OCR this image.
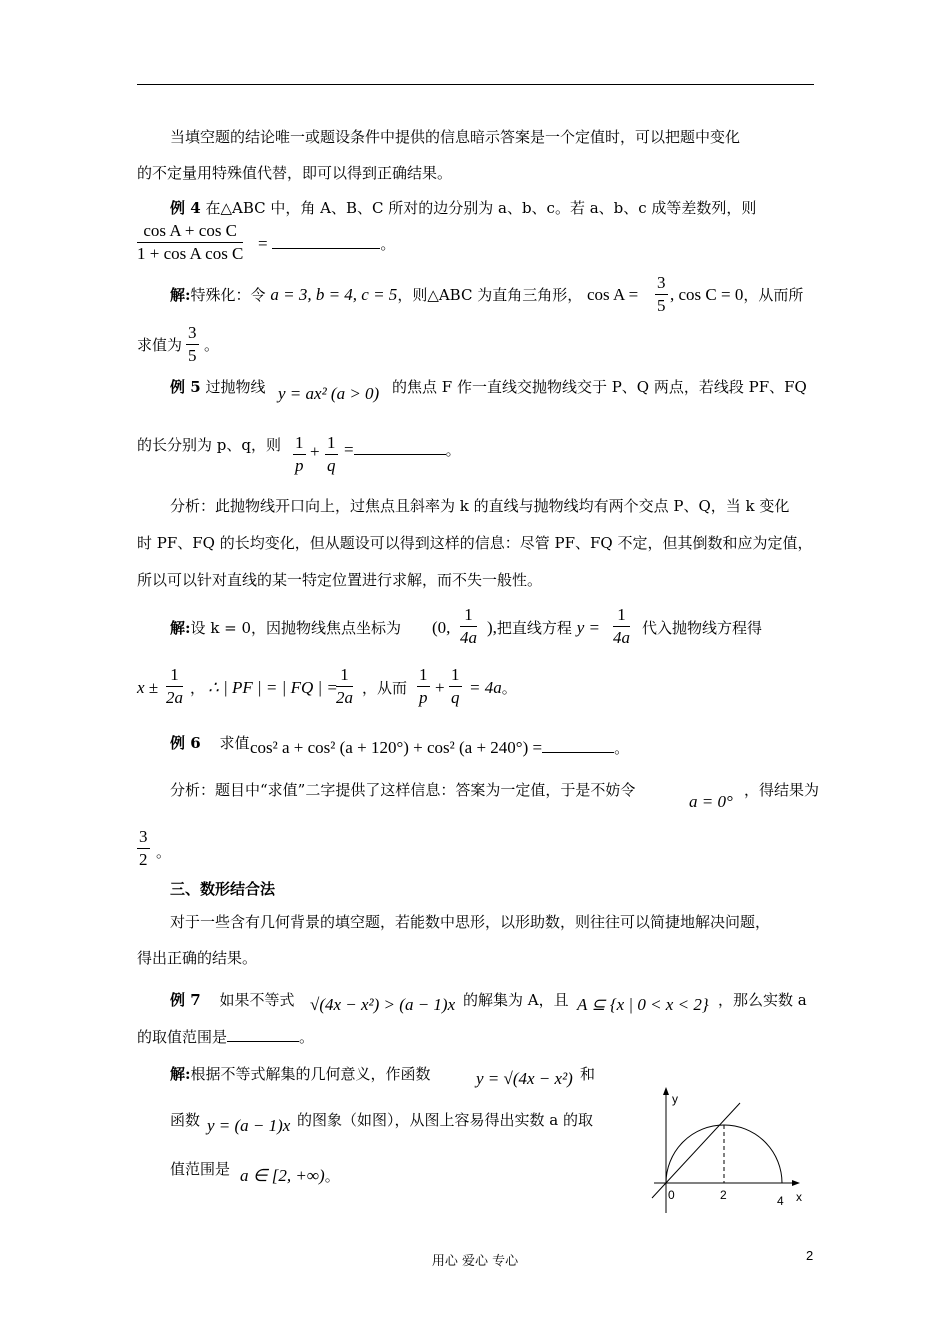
当填空题的结论唯一或题设条件中提供的信息暗示答案是一个定值时，可以把题中变化
的不定量用特殊值代替，即可以得到正确结果。
例 4 在△ABC 中，角 A、B、C 所对的边分别为 a、b、c。若 a、b、c 成等差数列，则
$\frac{\text{cos A + cos C}}{\text{1 + cos A cos C}}$ =	。
解:特殊化：令 a = 3, b = 4, c = 5，则△ABC 为直角三角形， $\cos A = \frac{3}{5}$ , cos C = 0，从而所
求值为 $\frac{3}{5}$ 。
例 5 过抛物线 y = ax² (a > 0) 的焦点 F 作一直线交抛物线交于 P、Q 两点，若线段 PF、FQ
的长分别为 p、q，则 $\frac{1}{p} + \frac{1}{q}$ =	。
分析：此抛物线开口向上，过焦点且斜率为 k 的直线与抛物线均有两个交点 P、Q，当 k 变化
时 PF、FQ 的长均变化，但从题设可以得到这样的信息：尽管 PF、FQ 不定，但其倒数和应为定值，
所以可以针对直线的某一特定位置进行求解，而不失一般性。
解:设 k = 0，因抛物线焦点坐标为 (0, $\frac{1}{4a}$ ),把直线方程 $y = \frac{1}{4a}$ 代入抛物线方程得
$x \pm \frac{1}{2a}$ ， ∴ | PF | = | FQ | =
$\frac{1}{2a}$ ，从而 $\frac{1}{p} + \frac{1}{q} = 4a$。
例 6 求值 cos² a + cos² (a + 120°) + cos² (a + 240°) =	。
分析：题目中“求值”二字提供了这样信息：答案为一定值，于是不妨令
a = 0°
，得结果为
$\frac{3}{2}$ 。
三、数形结合法
对于一些含有几何背景的填空题，若能数中思形，以形助数，则往往可以简捷地解决问题，
得出正确的结果。
例 7 如果不等式 √(4x − x²) > (a − 1)x 的解集为 A，且 A ⊆ {x | 0 < x < 2} ，那么实数 a
的取值范围是	。
解:根据不等式解集的几何意义，作函数	y = √(4x − x²) 和
函数 y = (a − 1)x 的图象（如图），从图上容易得出实数 a 的取
值范围是 a ∈ [2, +∞)。
y
x
0	2	4
用心 爱心 专心	2
